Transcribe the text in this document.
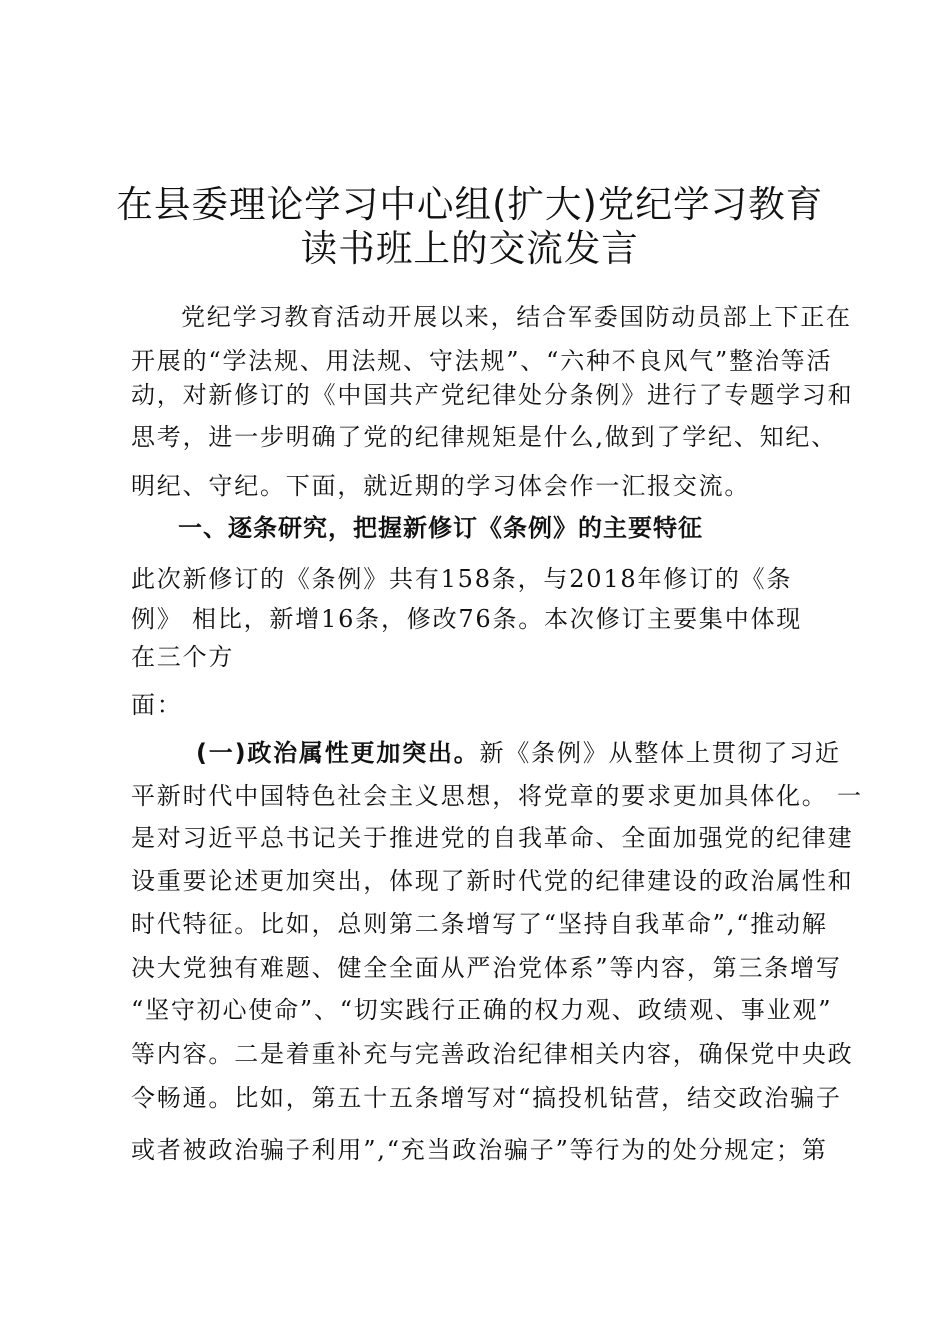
在县委理论学习中心组(扩大)党纪学习教育
读书班上的交流发言
党纪学习教育活动开展以来，结合军委国防动员部上下正在
开展的“学法规、用法规、守法规”、“六种不良风气”整治等活
动，对新修订的《中国共产党纪律处分条例》进行了专题学习和
思考，进一步明确了党的纪律规矩是什么,做到了学纪、知纪、
明纪、守纪。下面，就近期的学习体会作一汇报交流。
一、逐条研究，把握新修订《条例》的主要特征
此次新修订的《条例》共有158条，与2018年修订的《条
例》 相比，新增16条，修改76条。本次修订主要集中体现
在三个方
面：
(一)政治属性更加突出。新《条例》从整体上贯彻了习近
平新时代中国特色社会主义思想，将党章的要求更加具体化。 一
是对习近平总书记关于推进党的自我革命、全面加强党的纪律建
设重要论述更加突出，体现了新时代党的纪律建设的政治属性和
时代特征。比如，总则第二条增写了“坚持自我革命”,“推动解
决大党独有难题、健全全面从严治党体系”等内容，第三条增写
“坚守初心使命”、“切实践行正确的权力观、政绩观、事业观”
等内容。二是着重补充与完善政治纪律相关内容，确保党中央政
令畅通。比如，第五十五条增写对“搞投机钻营，结交政治骗子
或者被政治骗子利用”,“充当政治骗子”等行为的处分规定；第
